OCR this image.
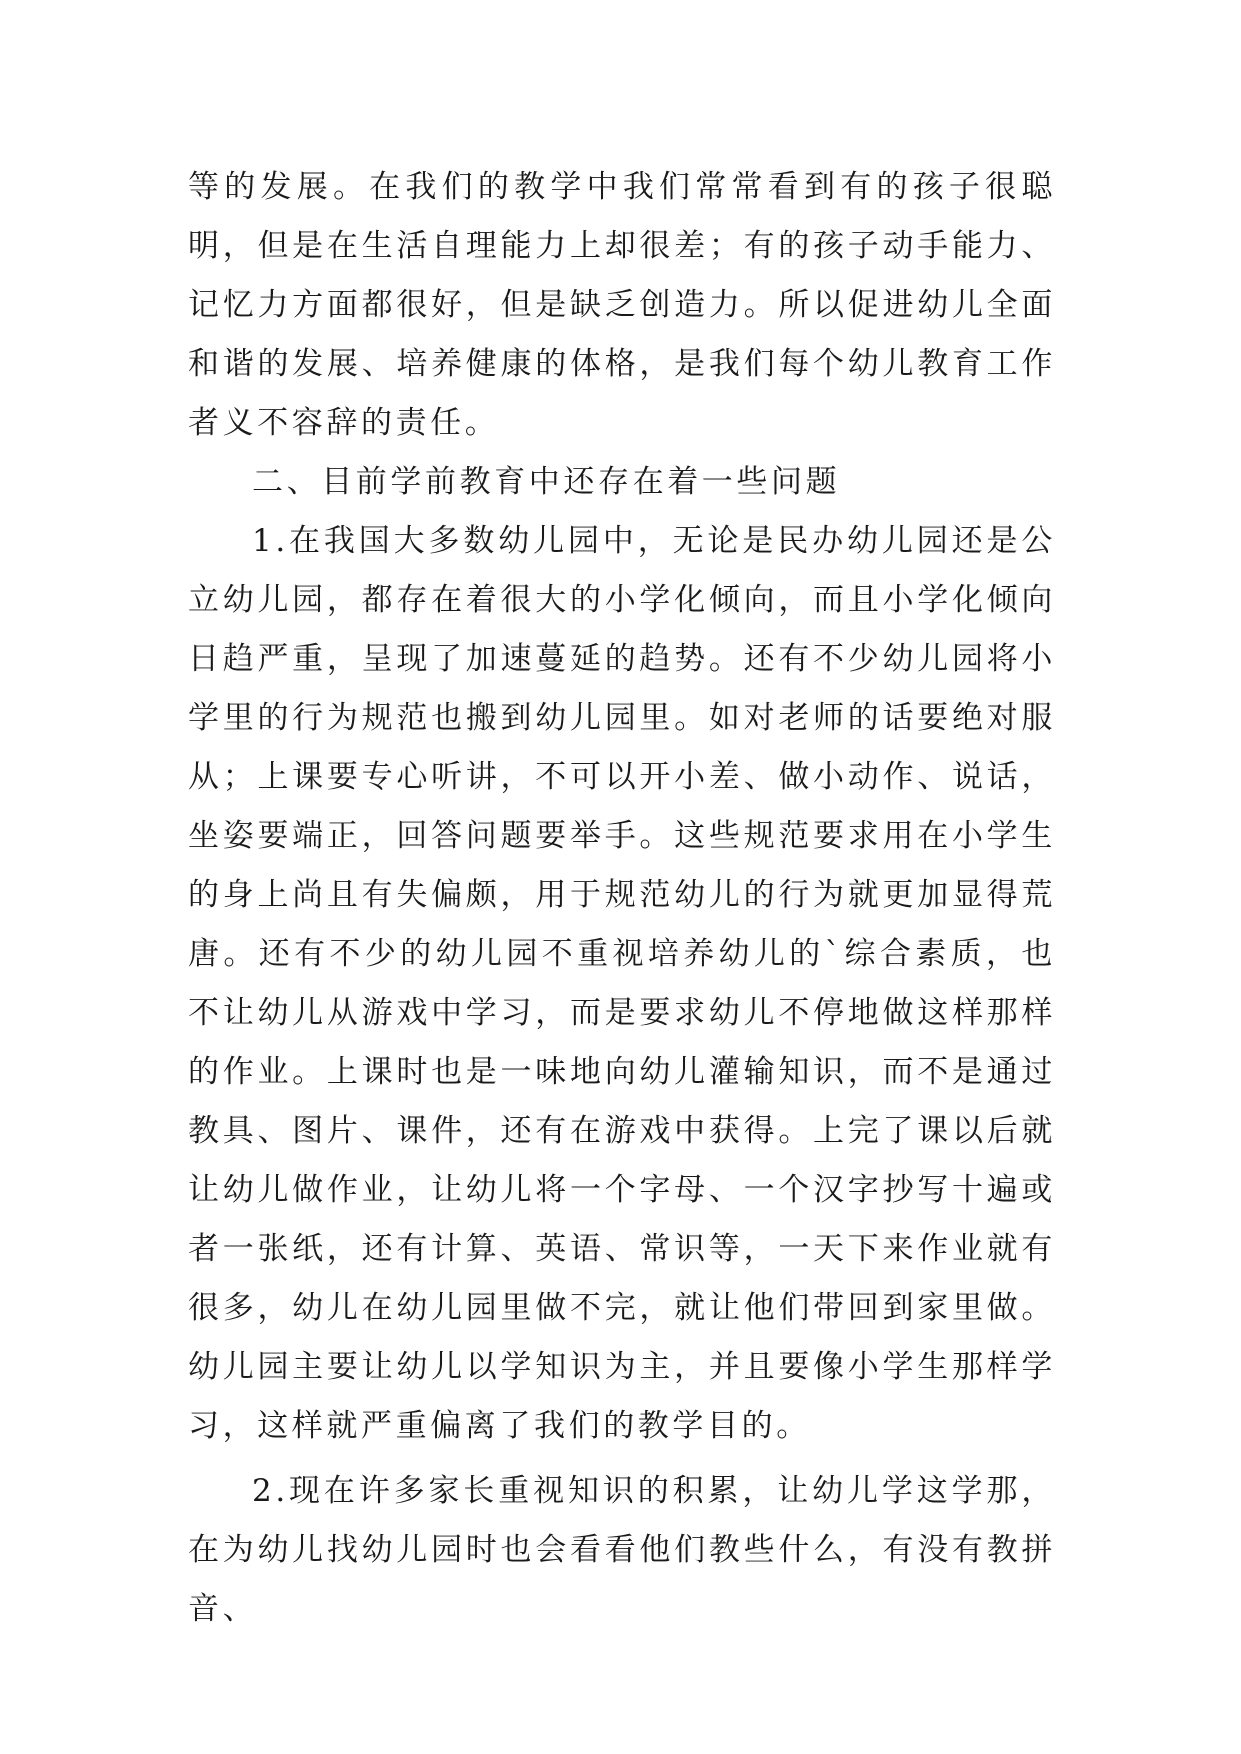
等的发展。在我们的教学中我们常常看到有的孩子很聪明，但是在生活自理能力上却很差；有的孩子动手能力、记忆力方面都很好，但是缺乏创造力。所以促进幼儿全面和谐的发展、培养健康的体格，是我们每个幼儿教育工作者义不容辞的责任。

二、目前学前教育中还存在着一些问题

1.在我国大多数幼儿园中，无论是民办幼儿园还是公立幼儿园，都存在着很大的小学化倾向，而且小学化倾向日趋严重，呈现了加速蔓延的趋势。还有不少幼儿园将小学里的行为规范也搬到幼儿园里。如对老师的话要绝对服从；上课要专心听讲，不可以开小差、做小动作、说话，坐姿要端正，回答问题要举手。这些规范要求用在小学生的身上尚且有失偏颇，用于规范幼儿的行为就更加显得荒唐。还有不少的幼儿园不重视培养幼儿的`综合素质，也不让幼儿从游戏中学习，而是要求幼儿不停地做这样那样的作业。上课时也是一味地向幼儿灌输知识，而不是通过教具、图片、课件，还有在游戏中获得。上完了课以后就让幼儿做作业，让幼儿将一个字母、一个汉字抄写十遍或者一张纸，还有计算、英语、常识等，一天下来作业就有很多，幼儿在幼儿园里做不完，就让他们带回到家里做。幼儿园主要让幼儿以学知识为主，并且要像小学生那样学习，这样就严重偏离了我们的教学目的。

2.现在许多家长重视知识的积累，让幼儿学这学那，在为幼儿找幼儿园时也会看看他们教些什么，有没有教拼音、
